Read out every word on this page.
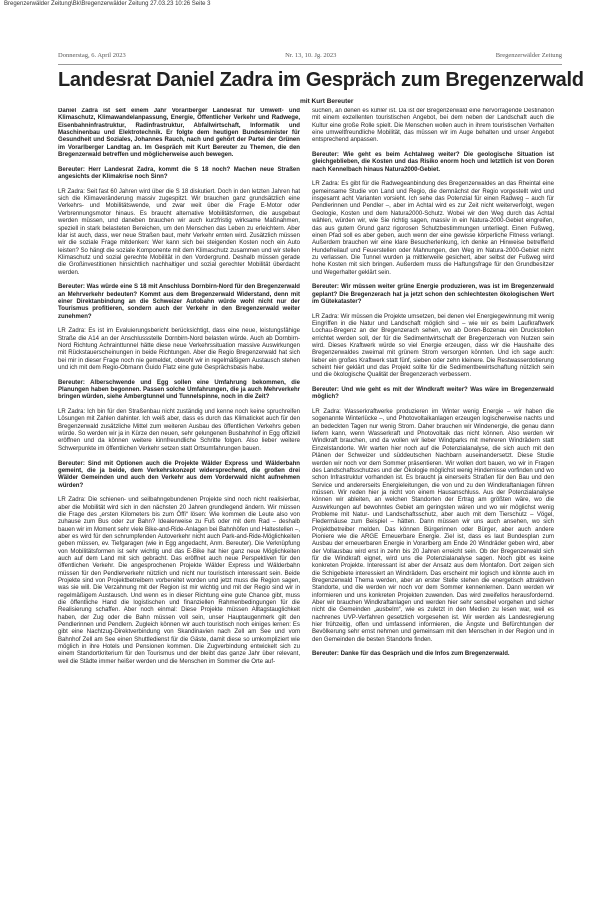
Bregenzerwälder Zeitung\Bk\Bregenzerwälder Zeitung 27.03.23 10:26 Seite 3
Donnerstag, 6. April 2023	Nr. 13, 10. Jg. 2023	Bregenzerwälder Zeitung
Landesrat Daniel Zadra im Gespräch zum Bregenzerwald
mit Kurt Bereuter

Daniel Zadra ist seit einem Jahr Vorarlberger Landesrat für Umwelt- und Klimaschutz, Klimawandelanpassung, Energie, Öffentlicher Verkehr und Radwege, Eisenbahninfrastruktur, Radinfrastruktur, Abfallwirtschaft, Informatik und Maschinenbau und Elektrotechnik. Er folgte dem heutigen Bundesminister für Gesundheit und Soziales, Johannes Rauch, nach und gehört der Partei der Grünen im Vorarlberger Landtag an. Im Gespräch mit Kurt Bereuter zu Themen, die den Bregenzerwald betreffen und möglicherweise auch bewegen.

Bereuter: Herr Landesrat Zadra, kommt die S 18 noch? Machen neue Straßen angesichts der Klimakrise noch Sinn?

LR Zadra: Seit fast 60 Jahren wird über die S 18 diskutiert. Doch in den letzten Jahren hat sich die Klimaveränderung massiv zugespitzt. Wir brauchen ganz grundsätzlich eine Verkehrs- und Mobilitätswende, und zwar weit über die Frage E-Motor oder Verbrennungsmotor hinaus. Es braucht alternative Mobilitätsformen, die ausgebaut werden müssen, und daneben brauchen wir auch kurzfristig wirksame Maßnahmen, speziell in stark belasteten Bereichen, um den Menschen das Leben zu erleichtern. Aber klar ist auch, dass, wer neue Straßen baut, mehr Verkehr ernten wird. Zusätzlich müssen wir die soziale Frage mitdenken: Wer kann sich bei steigenden Kosten noch ein Auto leisten? So hängt die soziale Komponente mit dem Klimaschutz zusammen und wir stellen Klimaschutz und sozial gerechte Mobilität in den Vordergrund. Deshalb müssen gerade die Großinvestitionen hinsichtlich nachhaltiger und sozial gerechter Mobilität überdacht werden.

Bereuter: Was würde eine S 18 mit Anschluss Dornbirn-Nord für den Bregenzerwald an Mehrverkehr bedeuten? Kommt aus dem Bregenzerwald Widerstand, denn mit einer Direktanbindung an die Schweizer Autobahn würde wohl nicht nur der Tourismus profitieren, sondern auch der Verkehr in den Bregenzerwald weiter zunehmen?

LR Zadra: Es ist im Evaluierungsbericht berücksichtigt, dass eine neue, leistungsfähige Straße die A14 an der Anschlussstelle Dornbirn-Nord belasten würde. Auch ab Dornbirn-Nord Richtung Achrainttunnel hätte diese neue Verkehrssituation massive Auswirkungen mit Rückstauerscheinungen in beide Richtungen. Aber die Regio Bregenzerwald hat sich bei mir in dieser Frage noch nie gemeldet, obwohl wir in regelmäßigem Austausch stehen und ich mit dem Regio-Obmann Guido Flatz eine gute Gesprächsbasis habe.

Bereuter: Alberschwende und Egg sollen eine Umfahrung bekommen, die Planungen haben begonnen. Passen solche Umfahrungen, die ja auch Mehrverkehr bringen würden, siehe Ambergtunnel und Tunnelspinne, noch in die Zeit?

LR Zadra: Ich bin für den Straßenbau nicht zuständig und kenne noch keine spruchreifen Lösungen mit Zahlen dahinter. Ich weiß aber, dass es durch das Klimaticket auch für den Bregenzerwald zusätzliche Mittel zum weiteren Ausbau des öffentlichen Verkehrs geben würde. So werden wir ja in Kürze den neuen, sehr gelungenen Busbahnhof in Egg offiziell eröffnen und da können weitere kinnfreundliche Schritte folgen. Also lieber weitere Schwerpunkte im öffentlichen Verkehr setzen statt Ortsumfahrungen bauen.

Bereuter: Sind mit Optionen auch die Projekte Wälder Express und Wälderbahn gemeint, die ja beide, dem Verkehrskonzept widersprechend, die großen drei Wälder Gemeinden und auch den Verkehr aus dem Vorderwald nicht aufnehmen würden?

LR Zadra: Die schienen- und seilbahngebundenen Projekte sind noch nicht realisierbar, aber die Mobilität wird sich in den nächsten 20 Jahren grundlegend ändern. Wir müssen die Frage des „ersten Kilometers bis zum Öffi“ lösen: Wie kommen die Leute also von zuhause zum Bus oder zur Bahn? Idealerweise zu Fuß oder mit dem Rad – deshalb bauen wir im Moment sehr viele Bike-and-Ride-Anlagen bei Bahnhöfen und Haltestellen –, aber es wird für den schrumpfenden Autoverkehr nicht auch Park-and-Ride-Möglichkeiten geben müssen, ev. Tiefgaragen (wie in Egg angedacht, Anm. Bereuter). Die Verknüpfung von Mobilitätsformen ist sehr wichtig und das E-Bike hat hier ganz neue Möglichkeiten auch auf dem Land mit sich gebracht. Das eröffnet auch neue Perspektiven für den öffentlichen Verkehr. Die angesprochenen Projekte Wälder Express und Wälderbahn müssen für den Pendlerverkehr nützlich und nicht nur touristisch interessant sein. Beide Projekte sind von Projektbetreibern vorbereitet worden und jetzt muss die Region sagen, was sie will. Die Verzahnung mit der Region ist mir wichtig und mit der Regio sind wir in regelmäßigem Austausch. Und wenn es in dieser Richtung eine gute Chance gibt, muss die öffentliche Hand die logistischen und finanziellen Rahmenbedingungen für die Realisierung schaffen. Aber noch einmal: Diese Projekte müssen Alltagstauglichkeit haben, der Zug oder die Bahn müssen voll sein, unser Hauptaugenmerk gilt den Pendlerinnen und Pendlern. Zugleich können wir auch touristisch noch einiges lernen: Es gibt eine Nachtzug-Direktverbindung von Skandinavien nach Zell am See und vom Bahnhof Zell am See einen Shuttledienst für die Gäste, damit diese so umkompliziert wie möglich in ihre Hotels und Pensionen kommen. Die Zugverbindung entwickelt sich zu einem Standortkriterium für den Tourismus und der bleibt das ganze Jahr über relevant, weil die Städte immer heißer werden und die Menschen im Sommer die Orte auf-

suchen, an denen es kühler ist. Da ist der Bregenzerwald eine hervorragende Destination mit einem exzellenten touristischen Angebot, bei dem neben der Landschaft auch die Kultur eine große Rolle spielt. Die Menschen wollen auch in ihrem touristischen Verhalten eine umweltfreundliche Mobilität, das müssen wir im Auge behalten und unser Angebot entsprechend anpassen.

Bereuter: Wie geht es beim Achtalweg weiter? Die geologische Situation ist gleichgeblieben, die Kosten und das Risiko enorm hoch und letztlich ist von Doren nach Kennelbach hinaus Natura2000-Gebiet.

LR Zadra: Es gibt für die Radwegeanbindung des Bregenzerwaldes an das Rheintal eine gemeinsame Studie von Land und Regio, die demnächst der Regio vorgestellt wird und insgesamt acht Varianten vorsieht. Ich sehe das Potenzial für einen Radweg – auch für Pendlerinnen und Pendler –, aber im Achtal wird es zur Zeit nicht weiterverfolgt, wegen Geologie, Kosten und dem Natura2000-Schutz. Wobei wir den Weg durch das Achtal wählen, würden wir, wie Sie richtig sagen, massiv in ein Natura-2000-Gebiet eingreifen, das aus gutem Grund ganz rigorosen Schutzbestimmungen unterliegt. Einen Fußweg, einen Pfad soll es aber geben, auch wenn der eine gewisse körperliche Fitness verlangt. Außerdem brauchen wir eine klare Besucherlenkung, ich denke an Hinweise betreffend Hundefreilauf und Feuerstellen oder Mahnungen, den Weg im Natura-2000-Gebiet nicht zu verlassen. Die Tunnel wurden ja mittlerweile gesichert, aber selbst der Fußweg wird hohe Kosten mit sich bringen. Außerdem muss die Haftungsfrage für den Grundbesitzer und Wegerhalter geklärt sein.

Bereuter: Wir müssen weiter grüne Energie produzieren, was ist im Bregenzerwald geplant? Die Bregenzerach hat ja jetzt schon den schlechtesten ökologischen Wert im Gütekataster?

LR Zadra: Wir müssen die Projekte umsetzen, bei denen viel Energiegewinnung mit wenig Eingriffen in die Natur und Landschaft möglich sind – wie wir es beim Laufkraftwerk Lochau-Bregenz an der Bregenzerach sehen, wo ab Doren-Bozenau ein Druckstollen errichtet werden soll, der für die Sedimentwirtschaft der Bregenzerach von Nutzen sein wird. Dieses Kraftwerk würde so viel Energie erzeugen, dass wir die Haushalte des Bregenzerwaldes zweimal mit grünem Strom versorgen könnten. Und ich sage auch: lieber ein großes Kraftwerk statt fünf, sieben oder zehn kleinere. Die Restwasserdotierung scheint hier geklärt und das Projekt sollte für die Sedimentbewirtschaftung nützlich sein und die ökologische Qualität der Bregenzerach verbessern.

Bereuter: Und wie geht es mit der Windkraft weiter? Was wäre im Bregenzerwald möglich?

LR Zadra: Wasserkraftwerke produzieren im Winter wenig Energie – wir haben die sogenannte Winterlücke –, und Photovoltaikanlagen erzeugen logischerweise nachts und an bedeckten Tagen nur wenig Strom. Daher brauchen wir Windenergie, die genau dann liefern kann, wenn Wasserkraft und Photovoltaik das nicht können. Also werden wir Windkraft brauchen, und da wollen wir lieber Windparks mit mehreren Windrädern statt Einzelstandorte. Wir warten hier noch auf die Potenzialanalyse, die sich auch mit den Plänen der Schweizer und süddeutschen Nachbarn auseinandersetzt. Diese Studie werden wir noch vor dem Sommer präsentieren. Wir wollen dort bauen, wo wir in Fragen des Landschaftsschutzes und der Ökologie möglichst wenig Hindernisse vorfinden und wo schon Infrastruktur vorhanden ist. Es braucht ja einerseits Straßen für den Bau und den Service und andererseits Energieleitungen, die von und zu den Windkraftanlagen führen müssen. Wir reden hier ja nicht von einem Hausanschluss. Aus der Potenzialanalyse können wir ableiten, an welchen Standorten der Ertrag am größten wäre, wo die Auswirkungen auf bewohntes Gebiet am geringsten wären und wo wir möglichst wenig Probleme mit Natur- und Landschaftsschutz, aber auch mit dem Tierschutz – Vögel, Fledermäuse zum Beispiel – hätten. Dann müssen wir uns auch ansehen, wo sich Projektbetreiber melden. Das können Bürgerinnen oder Bürger, aber auch andere Pioniere wie die ARGE Erneuerbare Energie. Ziel ist, dass es laut Bundesplan zum Ausbau der erneuerbaren Energie in Vorarlberg am Ende 20 Windräder geben wird, aber der Vollausbau wird erst in zehn bis 20 Jahren erreicht sein. Ob der Bregenzerwald sich für die Windkraft eignet, wird uns die Potenzialanalyse sagen. Noch gibt es keine konkreten Projekte. Interessant ist aber der Ansatz aus dem Montafon. Dort zeigen sich die Schigebiete interessiert an Windrädern. Das erscheint mir logisch und könnte auch im Bregenzerwald Thema werden, aber an erster Stelle stehen die energetisch attraktiven Standorte, und die werden wir noch vor dem Sommer kennenlernen. Dann werden wir informieren und uns konkreten Projekten zuwenden. Das wird zweifellos herausfordernd. Aber wir brauchen Windkraftanlagen und werden hier sehr sensibel vorgehen und sicher nicht die Gemeinden „ausbelm“, wie es zuletzt in den Medien zu lesen war, weil es nachrenes UVP-Verfahren gesetzlich vorgesehen ist. Wir werden als Landesregierung hier frühzeitig, offen und umfassend informieren, die Ängste und Befürchtungen der Bevölkerung sehr ernst nehmen und gemeinsam mit den Menschen in der Region und in den Gemeinden die besten Standorte finden.

Bereuter: Danke für das Gespräch und die Infos zum Bregenzerwald.
